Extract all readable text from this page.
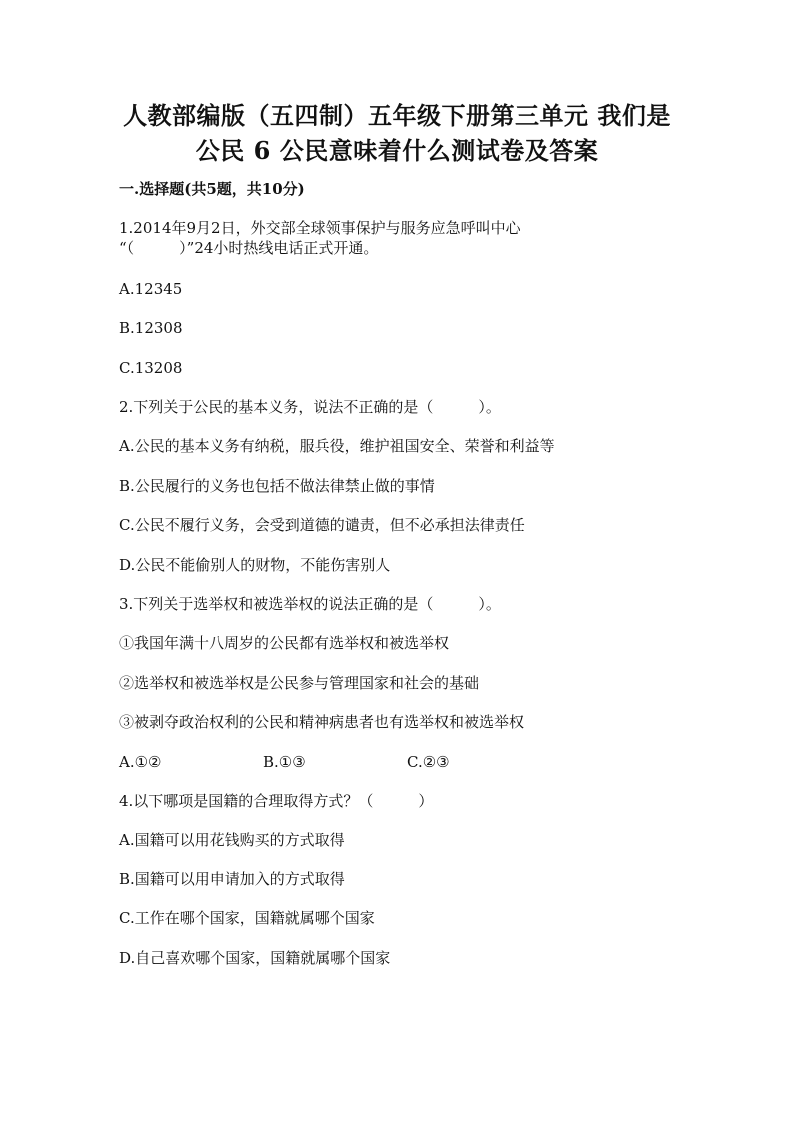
人教部编版（五四制）五年级下册第三单元 我们是
公民 6 公民意味着什么测试卷及答案
一.选择题(共5题，共10分)
1.2014年9月2日，外交部全球领事保护与服务应急呼叫中心
“（　　　）”24小时热线电话正式开通。
A.12345
B.12308
C.13208
2.下列关于公民的基本义务，说法不正确的是（　　　）。
A.公民的基本义务有纳税，服兵役，维护祖国安全、荣誉和利益等
B.公民履行的义务也包括不做法律禁止做的事情
C.公民不履行义务，会受到道德的谴责，但不必承担法律责任
D.公民不能偷别人的财物，不能伤害别人
3.下列关于选举权和被选举权的说法正确的是（　　　）。
①我国年满十八周岁的公民都有选举权和被选举权
②选举权和被选举权是公民参与管理国家和社会的基础
③被剥夺政治权利的公民和精神病患者也有选举权和被选举权
A.①②	B.①③	C.②③
4.以下哪项是国籍的合理取得方式？（　　　）
A.国籍可以用花钱购买的方式取得
B.国籍可以用申请加入的方式取得
C.工作在哪个国家，国籍就属哪个国家
D.自己喜欢哪个国家，国籍就属哪个国家
